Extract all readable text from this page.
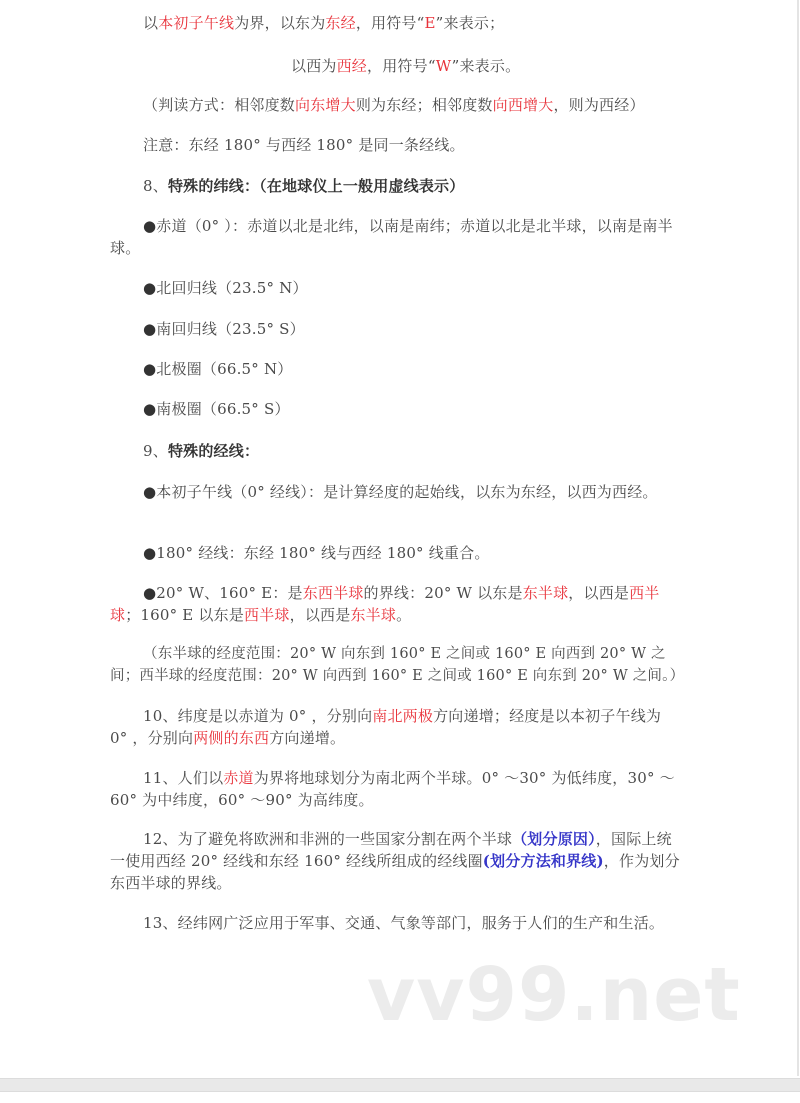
以本初子午线为界，以东为东经，用符号“E”来表示；
以西为西经，用符号“W”来表示。
（判读方式：相邻度数向东增大则为东经；相邻度数向西增大，则为西经）
注意：东经 180° 与西经 180° 是同一条经线。
8、特殊的纬线：（在地球仪上一般用虚线表示）
●赤道（0° ）：赤道以北是北纬，以南是南纬；赤道以北是北半球，以南是南半球。
●北回归线（23.5° N）
●南回归线（23.5° S）
●北极圈（66.5° N）
●南极圈（66.5° S）
9、特殊的经线：
●本初子午线（0° 经线）：是计算经度的起始线，以东为东经，以西为西经。
●180° 经线：东经 180° 线与西经 180° 线重合。
●20° W、160° E：是东西半球的界线：20° W 以东是东半球，以西是西半球；160° E 以东是西半球，以西是东半球。
（东半球的经度范围：20° W 向东到 160° E 之间或 160° E 向西到 20° W 之间；西半球的经度范围：20° W 向西到 160° E 之间或 160° E 向东到 20° W 之间。）
10、纬度是以赤道为 0° ，分别向南北两极方向递增；经度是以本初子午线为 0° ，分别向两侧的东西方向递增。
11、人们以赤道为界将地球划分为南北两个半球。0° ～30° 为低纬度，30° ～60° 为中纬度，60° ～90° 为高纬度。
12、为了避免将欧洲和非洲的一些国家分割在两个半球（划分原因），国际上统一使用西经 20° 经线和东经 160° 经线所组成的经线圈(划分方法和界线)，作为划分东西半球的界线。
13、经纬网广泛应用于军事、交通、气象等部门，服务于人们的生产和生活。
vv99.net
